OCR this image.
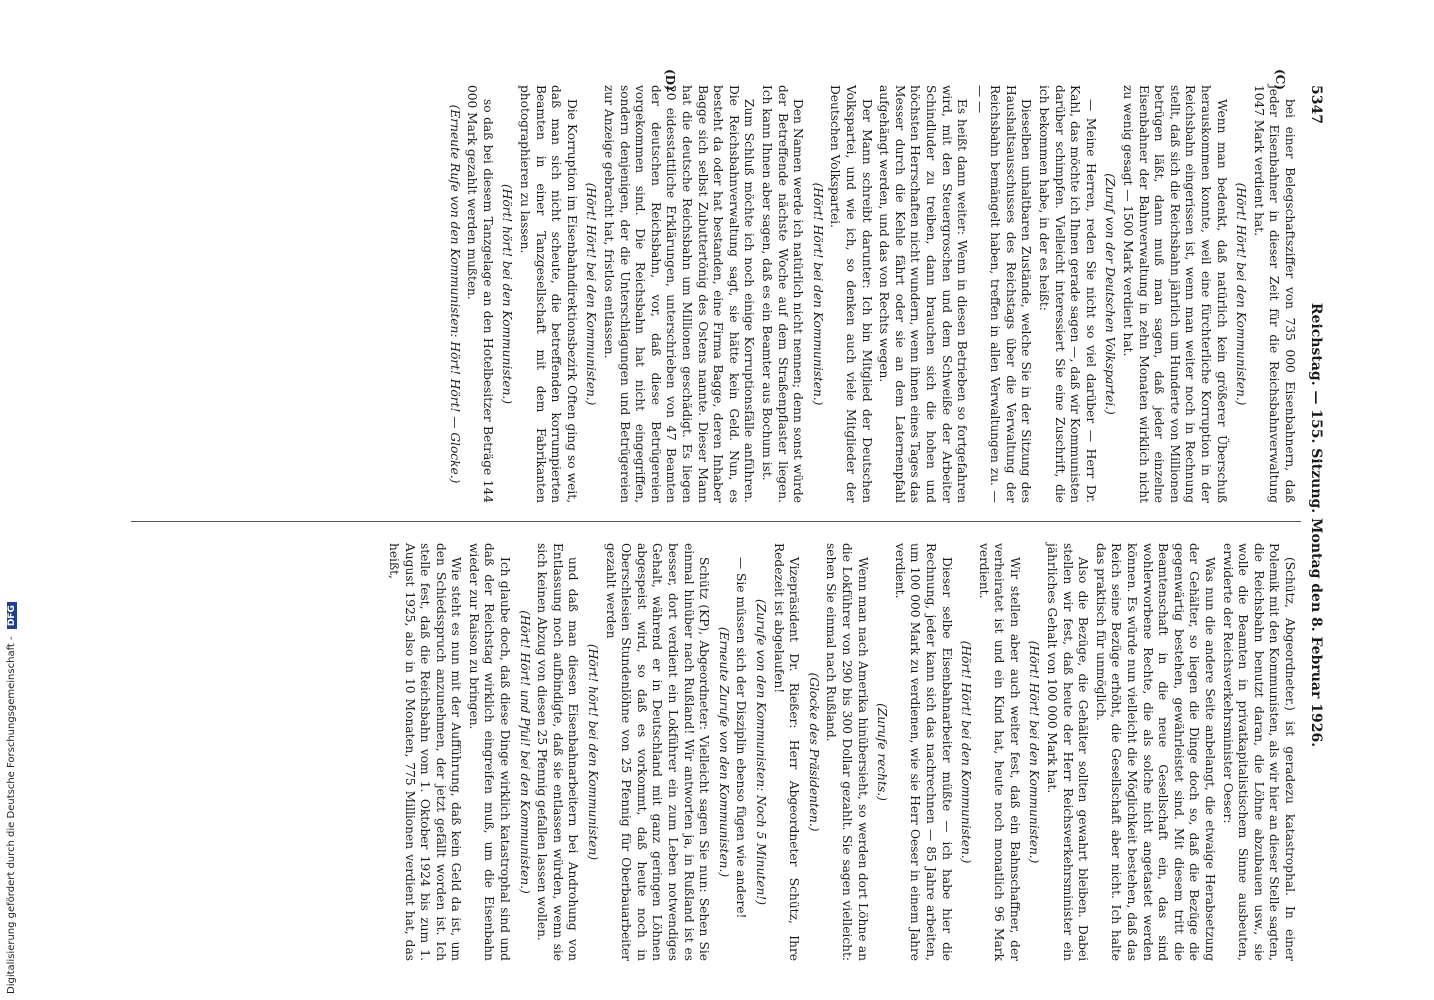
5347
Reichstag. — 155. Sitzung. Montag den 8. Februar 1926.
(C)
(D)

bei einer Belegschaftsziffer von 735 000 Eisenbahnern, daß jeder Eisenbahner in dieser Zeit für die Reichsbahnverwaltung 1047 Mark verdient hat.

(Hört! Hört! bei den Kommunisten.)

Wenn man bedenkt, daß natürlich kein größerer Überschuß herauskommen konnte, weil eine fürchterliche Korruption in der Reichsbahn eingerissen ist, wenn man weiter noch in Rechnung stellt, daß sich die Reichsbahn jährlich um Hunderte von Millionen betrügen läßt, dann muß man sagen, daß jeder einzelne Eisenbahner der Bahnverwaltung in zehn Monaten wirklich nicht zu wenig gesagt — 1500 Mark verdient hat.

(Zuruf von der Deutschen Volkspartei.)

— Meine Herren, reden Sie nicht so viel darüber — Herr Dr. Kahl, das möchte ich Ihnen gerade sagen —, daß wir Kommunisten darüber schimpfen. Vielleicht interessiert Sie eine Zuschrift, die ich bekommen habe, in der es heißt:

Dieselben unhaltbaren Zustände, welche Sie in der Sitzung des Haushaltsausschusses des Reichstags über die Verwaltung der Reichsbahn bemängelt haben, treffen in allen Verwaltungen zu. — — —

Es heißt dann weiter: Wenn in diesen Betrieben so fortgefahren wird, mit den Steuergroschen und dem Schweiße der Arbeiter Schindluder zu treiben, dann brauchen sich die hohen und höchsten Herrschaften nicht wundern, wenn ihnen eines Tages das Messer durch die Kehle fährt oder sie an dem Laternenpfahl aufgehängt werden, und das von Rechts wegen.

Der Mann schreibt darunter: Ich bin Mitglied der Deutschen Volkspartei, und wie ich, so denken auch viele Mitglieder der Deutschen Volkspartei.

(Hört! Hört! bei den Kommunisten.)

Den Namen werde ich natürlich nicht nennen; denn sonst würde der Betreffende nächste Woche auf dem Straßenpflaster liegen. Ich kann Ihnen aber sagen, daß es ein Beamter aus Bochum ist.

Zum Schluß möchte ich noch einige Korruptionsfälle anführen. Die Reichsbahnverwaltung sagt, sie hätte kein Geld. Nun, es besteht da oder hat bestanden, eine Firma Bagge, deren Inhaber Bagge sich selbst Zubuttertönig des Ostens nannte. Dieser Mann hat die deutsche Reichsbahn um Millionen geschädigt. Es liegen 20 eidesstattliche Erklärungen, unterschrieben von 47 Beamten der deutschen Reichsbahn, vor, daß diese Betrügereien vorgekommen sind. Die Reichsbahn hat nicht eingegriffen, sondern denjenigen, der die Unterschlagungen und Betrügereien zur Anzeige gebracht hat, fristlos entlassen.

(Hört! Hört! bei den Kommunisten.)

Die Korruption im Eisenbahndirektionsbezirk Often ging so weit, daß man sich nicht scheute, die betreffenden korrumpierten Beamten in einer Tanzgesellschaft mit dem Fabrikanten photographieren zu lassen.

(Hört! hört! bei den Kommunisten.)

so daß bei diesem Tanzgelage an den Hotelbesitzer Beträge 144 000 Mark gezahlt werden mußten.

(Erneute Rufe von den Kommunisten: Hört! Hört! — Glocke.)

(Schütz, Abgeordneter.) ist geradezu katastrophal. In einer Polemik mit den Kommunisten, als wir hier an dieser Stelle sagten, die Reichsbahn benutzt daran, die Löhne abzubauen usw., sie wolle die Beamten in privatkapitalistischem Sinne ausbeuten, erwiderte der Reichsverkehrsminister Oeser:

Was nun die andere Seite anbelangt, die etwaige Herabsetzung der Gehälter, so liegen die Dinge doch so, daß die Bezüge die gegenwärtig bestehen, gewährleistet sind. Mit diesem tritt die Beamtenschaft in die neue Gesellschaft ein, das sind wohlerworbene Rechte, die als solche nicht angetastet werden können. Es würde nun vielleicht die Möglichkeit bestehen, daß das Reich seine Bezüge erhöht, die Gesellschaft aber nicht. Ich halte das praktisch für unmöglich.

Also die Bezüge, die Gehälter sollten gewahrt bleiben. Dabei stellen wir fest, daß heute der Herr Reichsverkehrsminister ein jährliches Gehalt von 100 000 Mark hat.

(Hört! Hört! bei den Kommunisten.)

Wir stellen aber auch weiter fest, daß ein Bahnschaffner, der verheiratet ist und ein Kind hat, heute noch monatlich 96 Mark verdient.

(Hört! Hört! bei den Kommunisten.)

Dieser selbe Eisenbahnarbeiter müßte — ich habe hier die Rechnung, jeder kann sich das nachrechnen — 85 Jahre arbeiten, um 100 000 Mark zu verdienen, wie sie Herr Oeser in einem Jahre verdient.

(Zurufe rechts.)

Wenn man nach Amerika hinübersieht, so werden dort Löhne an die Lokführer von 290 bis 300 Dollar gezahlt. Sie sagen vielleicht: sehen Sie einmal nach Rußland.

(Glocke des Präsidenten.)

Vizepräsident Dr. Rießer: Herr Abgeordneter Schütz, Ihre Redezeit ist abgelaufen!

(Zurufe von den Kommunisten: Noch 5 Minuten!)

— Sie müssen sich der Disziplin ebenso fügen wie andere!

(Erneute Zurufe von den Kommunisten.)

Schütz (KP), Abgeordneter: Vielleicht sagen Sie nun: Sehen Sie einmal hinüber nach Rußland! Wir antworten ja, in Rußland ist es besser, dort verdient ein Lokführer ein zum Leben notwendiges Gehalt, während er in Deutschland mit ganz geringen Löhnen abgespeist wird, so daß es vorkommt, daß heute noch in Oberschlesien Stundenlöhne von 25 Pfennig für Oberbauarbeiter gezahlt werden

(Hört! hört! bei den Kommunisten)

und daß man diesen Eisenbahnarbeitern bei Androhung von Entlassung noch aufbindigte, daß sie entlassen würden, wenn sie sich keinen Abzug von diesen 25 Pfennig gefallen lassen wollen.

(Hört! Hört! und Pfui! bei den Kommunisten.)

Ich glaube doch, daß diese Dinge wirklich katastrophal sind und daß der Reichstag wirklich eingreifen muß, um die Eisenbahn wieder zur Raison zu bringen.

Wie steht es nun mit der Aufführung, daß kein Geld da ist, um den Schiedsspruch anzunehmen, der jetzt gefällt worden ist. Ich stelle fest, daß die Reichsbahn vom 1. Oktober 1924 bis zum 1. August 1925, also in 10 Monaten, 775 Millionen verdient hat, das heißt,

Digitalisierung gefördert durch die Deutsche Forschungsgemeinschaft - DFG
